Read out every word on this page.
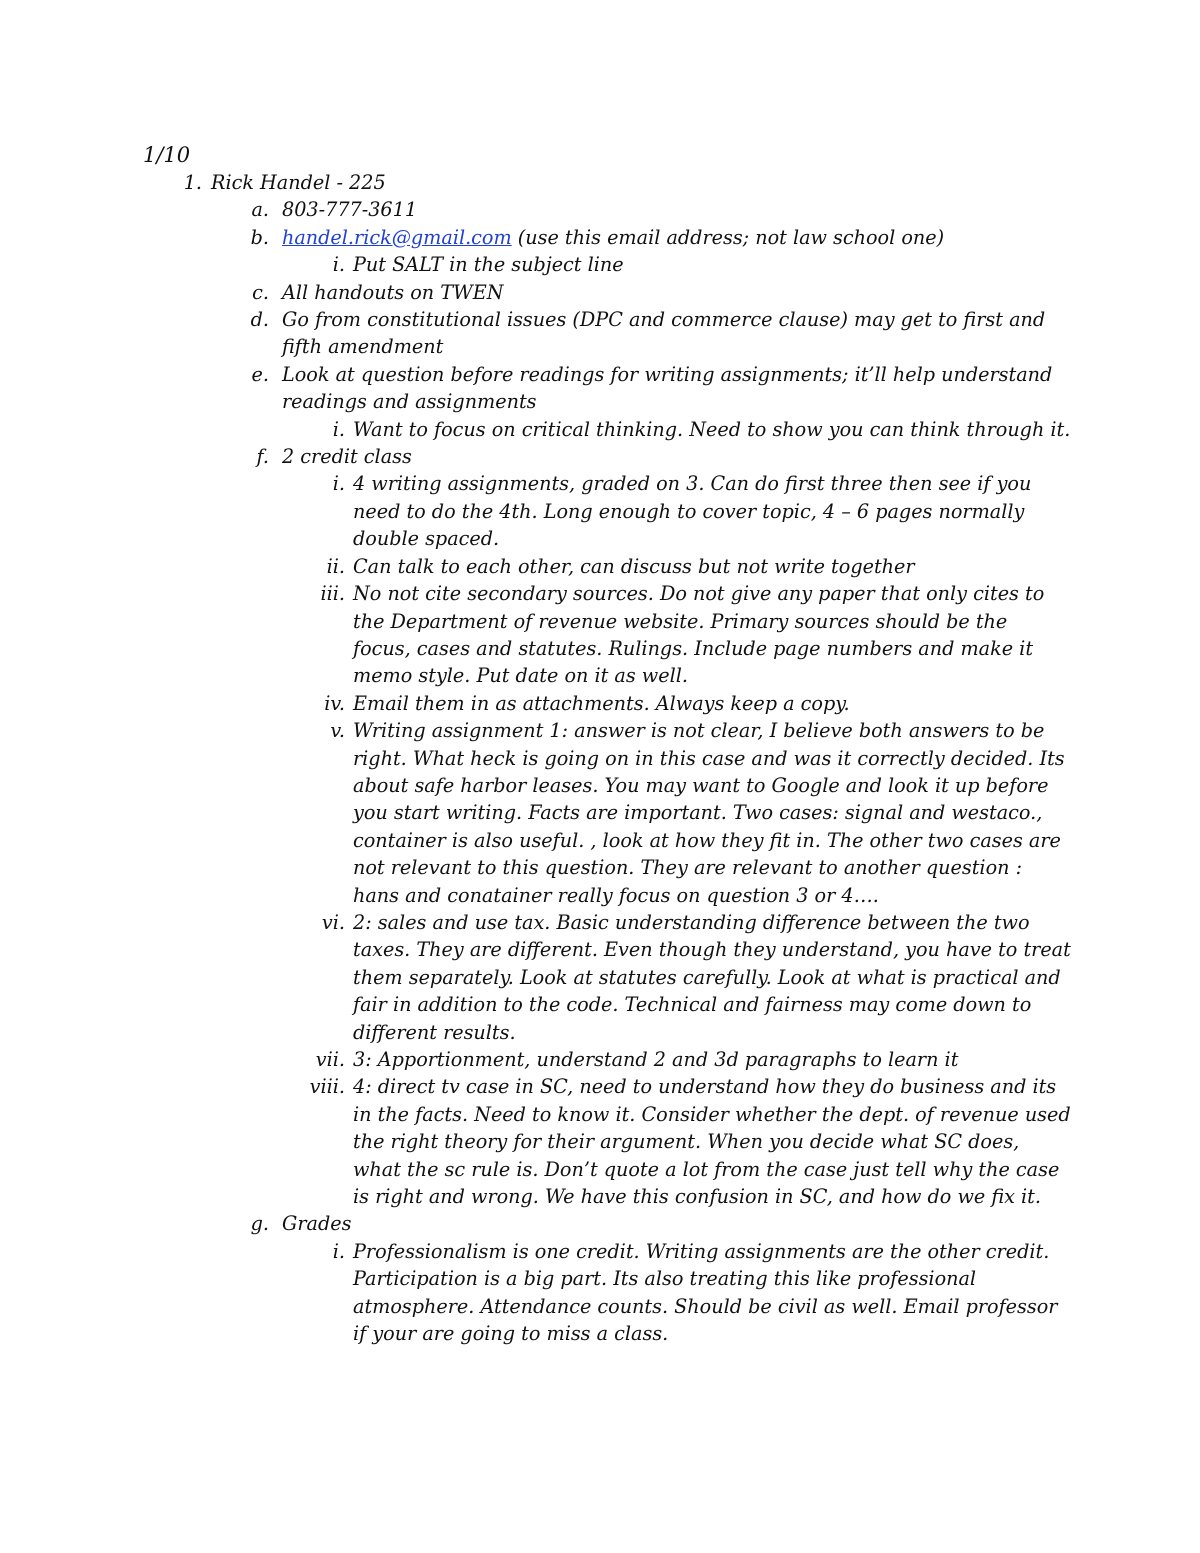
1/10
1. Rick Handel - 225
a. 803-777-3611
b. handel.rick@gmail.com (use this email address; not law school one)
i. Put SALT in the subject line
c. All handouts on TWEN
d. Go from constitutional issues (DPC and commerce clause) may get to first and fifth amendment
e. Look at question before readings for writing assignments; it’ll help understand readings and assignments
i. Want to focus on critical thinking. Need to show you can think through it.
f. 2 credit class
i. 4 writing assignments, graded on 3. Can do first three then see if you need to do the 4th. Long enough to cover topic, 4 – 6 pages normally double spaced.
ii. Can talk to each other, can discuss but not write together
iii. No not cite secondary sources. Do not give any paper that only cites to the Department of revenue website. Primary sources should be the focus, cases and statutes. Rulings. Include page numbers and make it memo style. Put date on it as well.
iv. Email them in as attachments. Always keep a copy.
v. Writing assignment 1: answer is not clear, I believe both answers to be right. What heck is going on in this case and was it correctly decided. Its about safe harbor leases. You may want to Google and look it up before you start writing. Facts are important. Two cases: signal and westaco., container is also useful. , look at how they fit in. The other two cases are not relevant to this question. They are relevant to another question : hans and conatainer really focus on question 3 or 4….
vi. 2: sales and use tax. Basic understanding difference between the two taxes. They are different. Even though they understand, you have to treat them separately. Look at statutes carefully. Look at what is practical and fair in addition to the code. Technical and fairness may come down to different results.
vii. 3: Apportionment, understand 2 and 3d paragraphs to learn it
viii. 4: direct tv case in SC, need to understand how they do business and its in the facts. Need to know it. Consider whether the dept. of revenue used the right theory for their argument. When you decide what SC does, what the sc rule is. Don’t quote a lot from the case just tell why the case is right and wrong. We have this confusion in SC, and how do we fix it.
g. Grades
i. Professionalism is one credit. Writing assignments are the other credit. Participation is a big part. Its also treating this like professional atmosphere. Attendance counts. Should be civil as well. Email professor if your are going to miss a class.
